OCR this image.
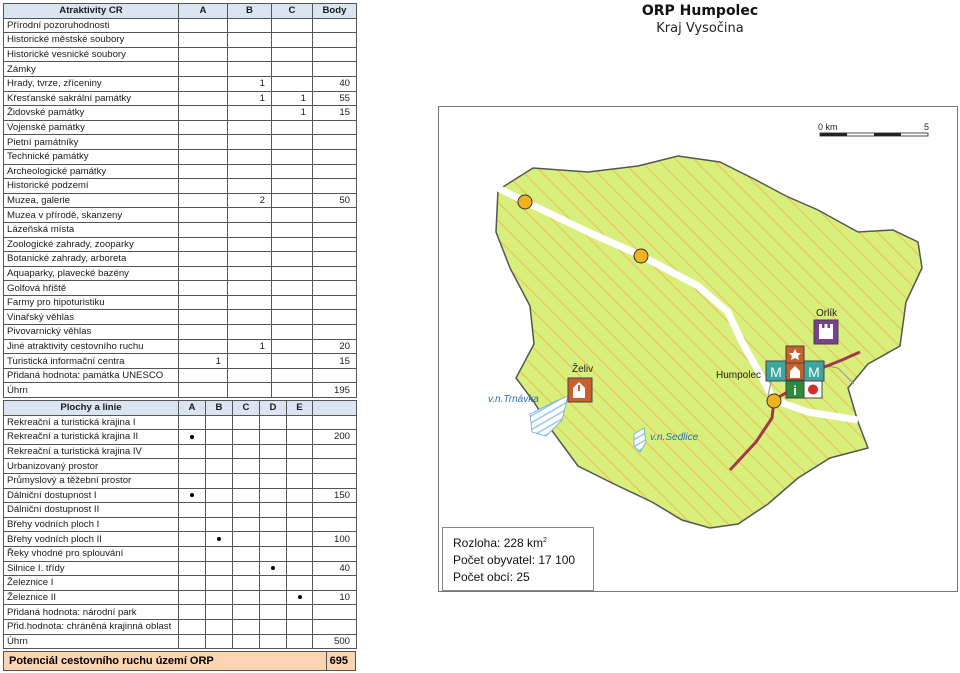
Atraktivity CR	A	B	C	Body
Přírodní pozoruhodnosti				
Historické městské soubory				
Historické vesnické soubory				
Zámky				
Hrady, tvrze, zříceniny		1		40
Křesťanské sakrální památky		1	1	55
Židovské památky			1	15
Vojenské památky				
Pietní památníky				
Technické památky				
Archeologické památky				
Historické podzemí				
Muzea, galerie		2		50
Muzea v přírodě, skanzeny				
Lázeňská místa				
Zoologické zahrady, zooparky				
Botanické zahrady, arboreta				
Aquaparky, plavecké bazény				
Golfová hřiště				
Farmy pro hipoturistiku				
Vinařský věhlas				
Pivovarnický věhlas				
Jiné atraktivity cestovního ruchu		1		20
Turistická informační centra	1			15
Přidaná hodnota: památka UNESCO				
Úhrn				195
Plochy a linie	A	B	C	D	E	
Rekreační a turistická krajina I						
Rekreační a turistická krajina II						200
Rekreační a turistická krajina IV						
Urbanizovaný prostor						
Průmyslový a těžební prostor						
Dálniční dostupnost I						150
Dálniční dostupnost II						
Břehy vodních ploch I						
Břehy vodních ploch II						100
Řeky vhodné pro splouvání						
Silnice I. třídy						40
Železnice I						
Železnice II						10
Přidaná hodnota: národní park						
Přid.hodnota: chráněná krajinná oblast						
Úhrn						500
Potenciál cestovního ruchu území ORP	695
ORP Humpolec
Kraj Vysočina
0 km	5
Orlík
Želiv	M M
i
Humpolec
v.n.Trnávka
v.n.Sedlice
Rozloha: 228 $km^2$
Počet obyvatel: 17 100
Počet obcí: 25
